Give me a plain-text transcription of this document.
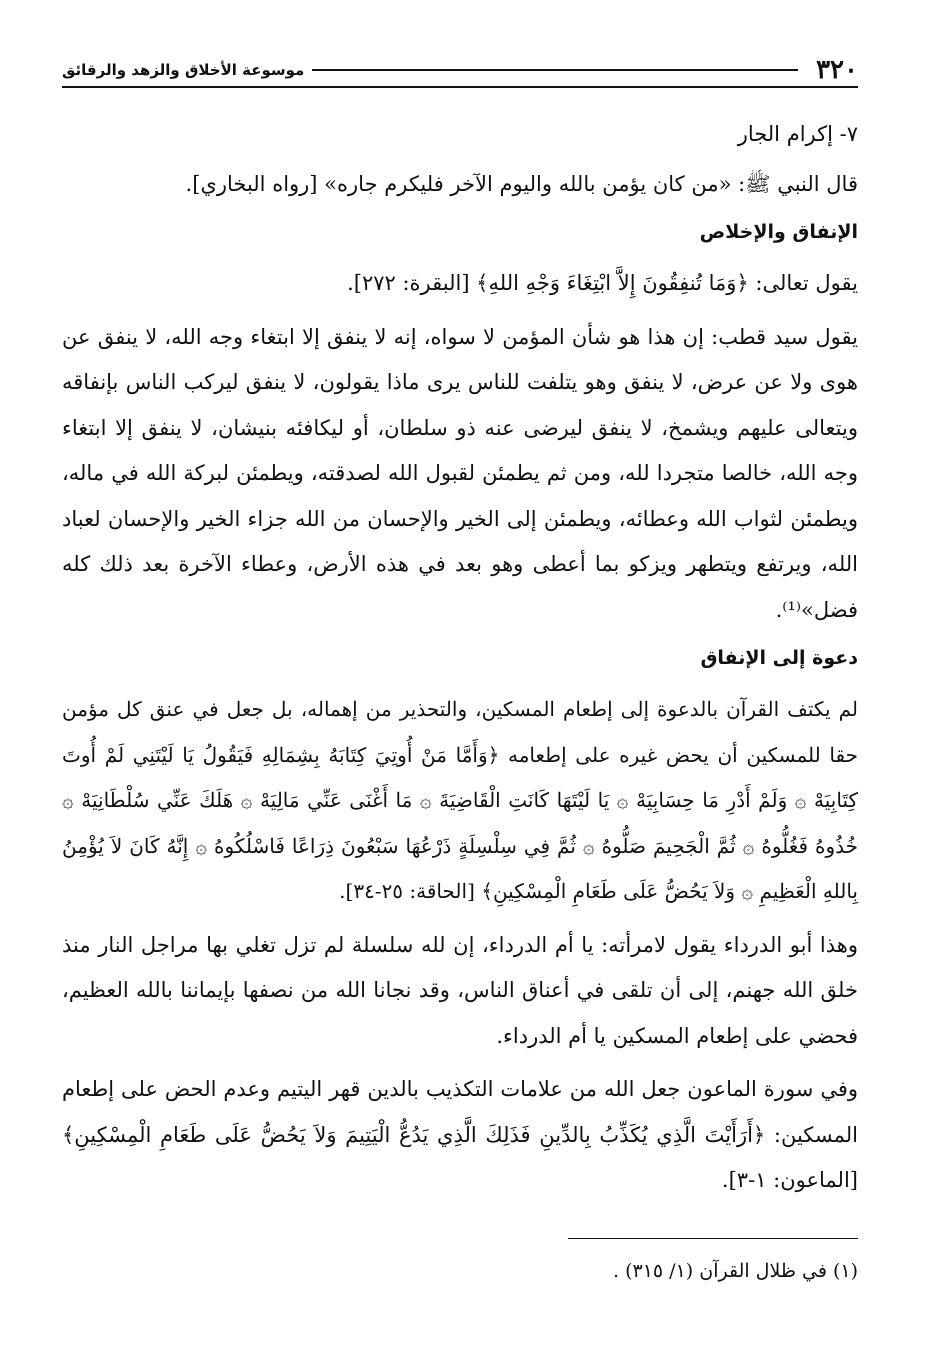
٣٢٠
موسوعة الأخلاق والزهد والرقائق

٧- إكرام الجار

قال النبي ﷺ: «من كان يؤمن بالله واليوم الآخر فليكرم جاره» [رواه البخاري].

الإنفاق والإخلاص

يقول تعالى: ﴿وَمَا تُنفِقُونَ إِلاَّ ابْتِغَاءَ وَجْهِ اللهِ﴾ [البقرة: ٢٧٢].

يقول سيد قطب: إن هذا هو شأن المؤمن لا سواه، إنه لا ينفق إلا ابتغاء وجه الله، لا ينفق عن هوى ولا عن عرض، لا ينفق وهو يتلفت للناس يرى ماذا يقولون، لا ينفق ليركب الناس بإنفاقه ويتعالى عليهم ويشمخ، لا ينفق ليرضى عنه ذو سلطان، أو ليكافئه بنيشان، لا ينفق إلا ابتغاء وجه الله، خالصا متجردا لله، ومن ثم يطمئن لقبول الله لصدقته، ويطمئن لبركة الله في ماله، ويطمئن لثواب الله وعطائه، ويطمئن إلى الخير والإحسان من الله جزاء الخير والإحسان لعباد الله، ويرتفع ويتطهر ويزكو بما أعطى وهو بعد في هذه الأرض، وعطاء الآخرة بعد ذلك كله فضل»⁽¹⁾.

دعوة إلى الإنفاق

لم يكتف القرآن بالدعوة إلى إطعام المسكين، والتحذير من إهماله، بل جعل في عنق كل مؤمن حقا للمسكين أن يحض غيره على إطعامه ﴿وَأَمَّا مَنْ أُوتِيَ كِتَابَهُ بِشِمَالِهِ فَيَقُولُ يَا لَيْتَنِي لَمْ أُوتَ كِتَابِيَهْ ۞ وَلَمْ أَدْرِ مَا حِسَابِيَهْ ۞ يَا لَيْتَهَا كَانَتِ الْقَاضِيَةَ ۞ مَا أَغْنَى عَنِّي مَالِيَهْ ۞ هَلَكَ عَنِّي سُلْطَانِيَهْ ۞ خُذُوهُ فَغُلُّوهُ ۞ ثُمَّ الْجَحِيمَ صَلُّوهُ ۞ ثُمَّ فِي سِلْسِلَةٍ ذَرْعُهَا سَبْعُونَ ذِرَاعًا فَاسْلُكُوهُ ۞ إِنَّهُ كَانَ لاَ يُؤْمِنُ بِاللهِ الْعَظِيمِ ۞ وَلاَ يَحُضُّ عَلَى طَعَامِ الْمِسْكِينِ﴾ [الحاقة: ٢٥-٣٤].

وهذا أبو الدرداء يقول لامرأته: يا أم الدرداء، إن لله سلسلة لم تزل تغلي بها مراجل النار منذ خلق الله جهنم، إلى أن تلقى في أعناق الناس، وقد نجانا الله من نصفها بإيماننا بالله العظيم، فحضي على إطعام المسكين يا أم الدرداء.

وفي سورة الماعون جعل الله من علامات التكذيب بالدين قهر اليتيم وعدم الحض على إطعام المسكين: ﴿أَرَأَيْتَ الَّذِي يُكَذِّبُ بِالدِّينِ فَذَلِكَ الَّذِي يَدُعُّ الْيَتِيمَ وَلاَ يَحُضُّ عَلَى طَعَامِ الْمِسْكِينِ﴾ [الماعون: ١-٣].

(١) في ظلال القرآن (١/ ٣١٥) .
